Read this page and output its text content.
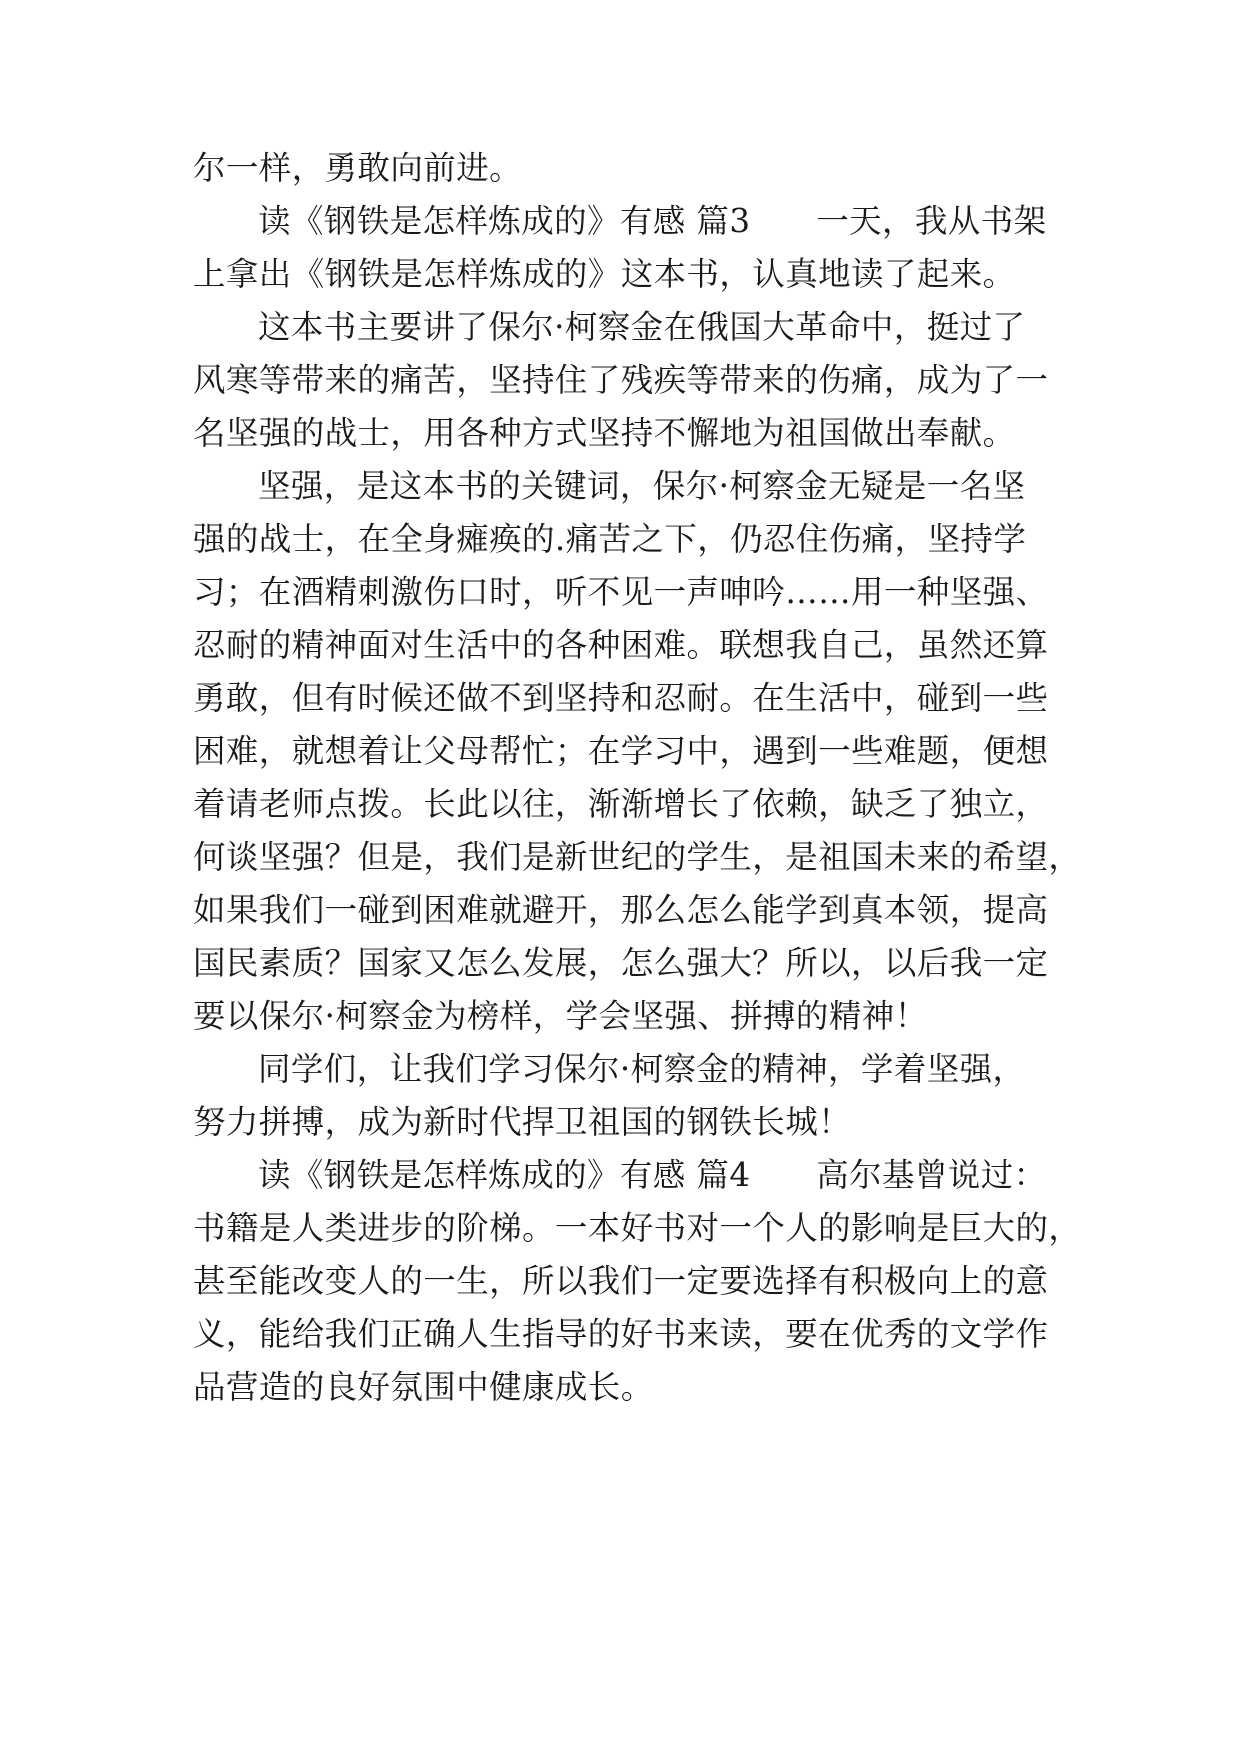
尔一样，勇敢向前进。

读《钢铁是怎样炼成的》有感 篇3　　一天，我从书架

上拿出《钢铁是怎样炼成的》这本书，认真地读了起来。

这本书主要讲了保尔·柯察金在俄国大革命中，挺过了

风寒等带来的痛苦，坚持住了残疾等带来的伤痛，成为了一

名坚强的战士，用各种方式坚持不懈地为祖国做出奉献。

坚强，是这本书的关键词，保尔·柯察金无疑是一名坚

强的战士，在全身瘫痪的.痛苦之下，仍忍住伤痛，坚持学

习；在酒精刺激伤口时，听不见一声呻吟……用一种坚强、

忍耐的精神面对生活中的各种困难。联想我自己，虽然还算

勇敢，但有时候还做不到坚持和忍耐。在生活中，碰到一些

困难，就想着让父母帮忙；在学习中，遇到一些难题，便想

着请老师点拨。长此以往，渐渐增长了依赖，缺乏了独立，

何谈坚强？但是，我们是新世纪的学生，是祖国未来的希望，

如果我们一碰到困难就避开，那么怎么能学到真本领，提高

国民素质？国家又怎么发展，怎么强大？所以，以后我一定

要以保尔·柯察金为榜样，学会坚强、拼搏的精神！

同学们，让我们学习保尔·柯察金的精神，学着坚强，

努力拼搏，成为新时代捍卫祖国的钢铁长城！

读《钢铁是怎样炼成的》有感 篇4　　高尔基曾说过：

书籍是人类进步的阶梯。一本好书对一个人的影响是巨大的，

甚至能改变人的一生，所以我们一定要选择有积极向上的意

义，能给我们正确人生指导的好书来读，要在优秀的文学作

品营造的良好氛围中健康成长。
